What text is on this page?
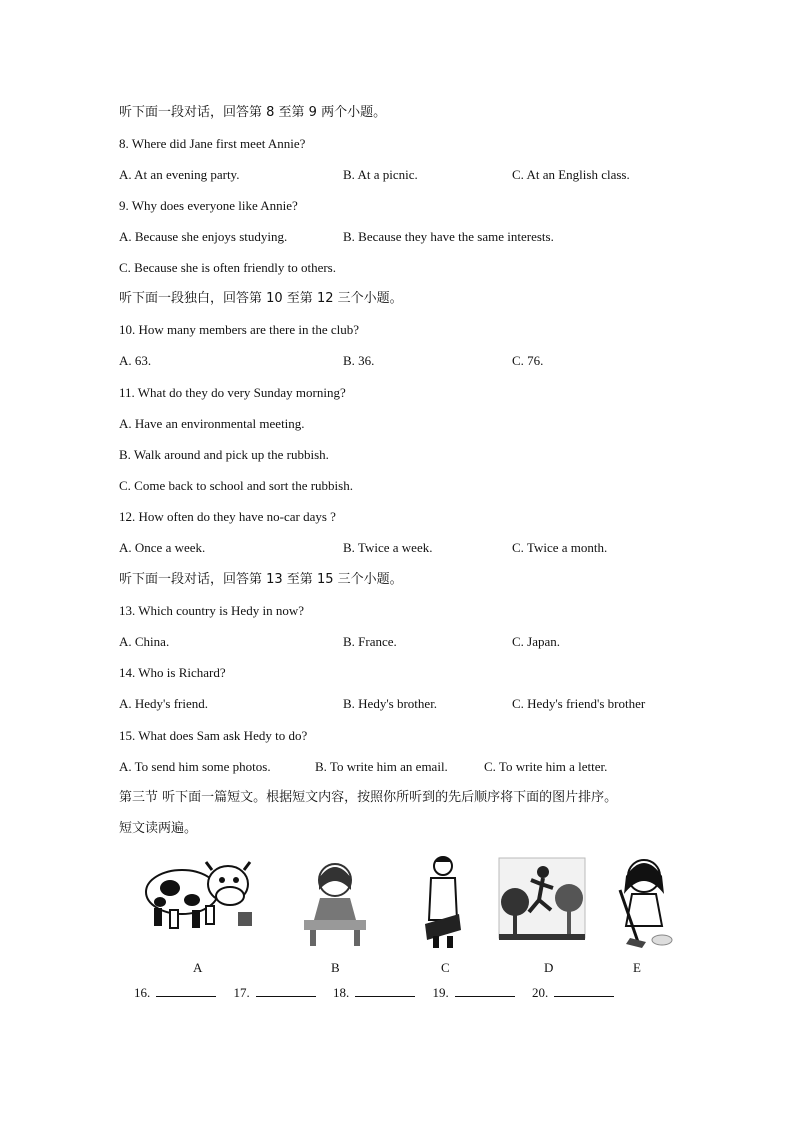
听下面一段对话，回答第 8 至第 9 两个小题。
8. Where did Jane first meet Annie?
A. At an evening party.	B. At a picnic.	C. At an English class.
9. Why does everyone like Annie?
A. Because she enjoys studying.	B. Because they have the same interests.
C. Because she is often friendly to others.
听下面一段独白，回答第 10 至第 12 三个小题。
10. How many members are there in the club?
A. 63.	B. 36.	C. 76.
11. What do they do very Sunday morning?
A. Have an environmental meeting.
B. Walk around and pick up the rubbish.
C. Come back to school and sort the rubbish.
12. How often do they have no-car days ?
A. Once a week.	B. Twice a week.	C. Twice a month.
听下面一段对话，回答第 13 至第 15 三个小题。
13. Which country is Hedy in now?
A. China.	B. France.	C. Japan.
14. Who is Richard?
A. Hedy's friend.	B. Hedy's brother.	C. Hedy's friend's brother
15. What does Sam ask Hedy to do?
A. To send him some photos.	B. To write him an email.	C. To write him a letter.
第三节 听下面一篇短文。根据短文内容，按照你所听到的先后顺序将下面的图片排序。
短文读两遍。
A	B	C	D	E
16.	17.	18.	19.	20.
